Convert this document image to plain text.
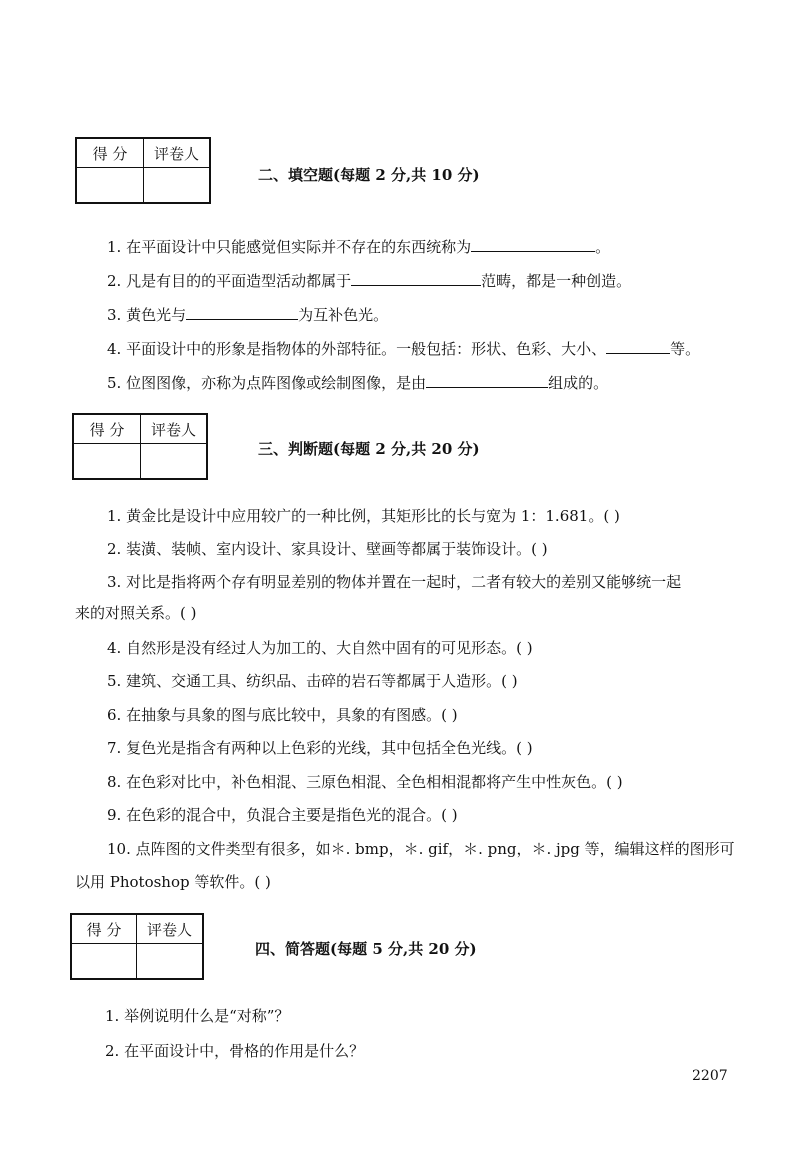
得 分	评卷人

二、填空题(每题 2 分,共 10 分)
1. 在平面设计中只能感觉但实际并不存在的东西统称为	。
2. 凡是有目的的平面造型活动都属于	范畴，都是一种创造。
3. 黄色光与	为互补色光。
4. 平面设计中的形象是指物体的外部特征。一般包括：形状、色彩、大小、	等。
5. 位图图像，亦称为点阵图像或绘制图像，是由	组成的。
得 分	评卷人

三、判断题(每题 2 分,共 20 分)
1. 黄金比是设计中应用较广的一种比例，其矩形比的长与宽为 1：1.681。( )
2. 装潢、装帧、室内设计、家具设计、壁画等都属于装饰设计。( )
3. 对比是指将两个存有明显差别的物体并置在一起时，二者有较大的差别又能够统一起
来的对照关系。( )
4. 自然形是没有经过人为加工的、大自然中固有的可见形态。( )
5. 建筑、交通工具、纺织品、击碎的岩石等都属于人造形。( )
6. 在抽象与具象的图与底比较中，具象的有图感。( )
7. 复色光是指含有两种以上色彩的光线，其中包括全色光线。( )
8. 在色彩对比中，补色相混、三原色相混、全色相相混都将产生中性灰色。( )
9. 在色彩的混合中，负混合主要是指色光的混合。( )
10. 点阵图的文件类型有很多，如＊. bmp，＊. gif，＊. png，＊. jpg 等，编辑这样的图形可
以用 Photoshop 等软件。( )
得 分	评卷人

四、简答题(每题 5 分,共 20 分)
1. 举例说明什么是“对称”？
2. 在平面设计中，骨格的作用是什么？
2207
